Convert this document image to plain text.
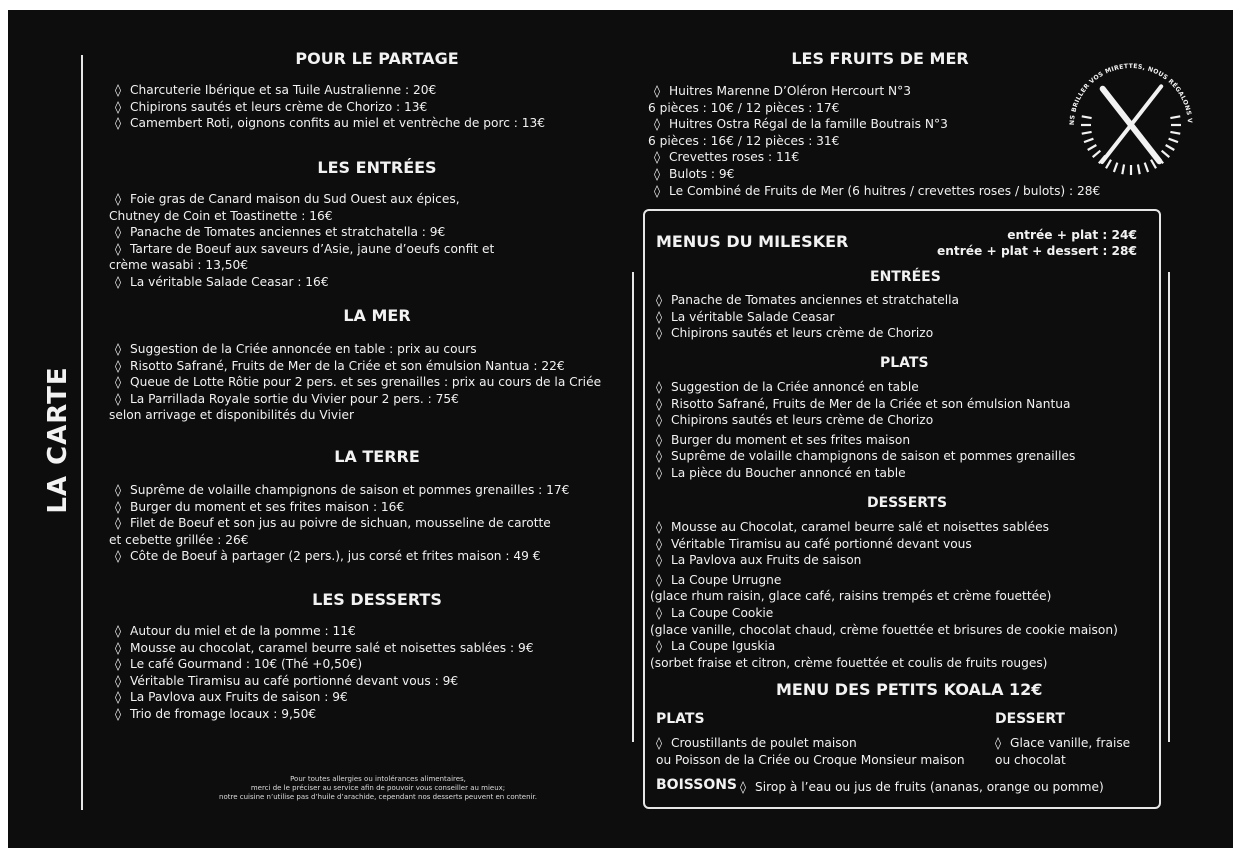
LA CARTE
POUR LE PARTAGE
◊ Charcuterie Ibérique et sa Tuile Australienne : 20€
◊ Chipirons sautés et leurs crème de Chorizo : 13€
◊ Camembert Roti, oignons confits au miel et ventrèche de porc : 13€
LES ENTRÉES
◊ Foie gras de Canard maison du Sud Ouest aux épices,
Chutney de Coin et Toastinette : 16€
◊ Panache de Tomates anciennes et stratchatella : 9€
◊ Tartare de Boeuf aux saveurs d’Asie, jaune d’oeufs confit et
crème wasabi : 13,50€
◊ La véritable Salade Ceasar : 16€
LA MER
◊ Suggestion de la Criée annoncée en table : prix au cours
◊ Risotto Safrané, Fruits de Mer de la Criée et son émulsion Nantua : 22€
◊ Queue de Lotte Rôtie pour 2 pers. et ses grenailles : prix au cours de la Criée
◊ La Parrillada Royale sortie du Vivier pour 2 pers. : 75€
selon arrivage et disponibilités du Vivier
LA TERRE
◊ Suprême de volaille champignons de saison et pommes grenailles : 17€
◊ Burger du moment et ses frites maison : 16€
◊ Filet de Boeuf et son jus au poivre de sichuan, mousseline de carotte
et cebette grillée : 26€
◊ Côte de Boeuf à partager (2 pers.), jus corsé et frites maison : 49 €
LES DESSERTS
◊ Autour du miel et de la pomme : 11€
◊ Mousse au chocolat, caramel beurre salé et noisettes sablées : 9€
◊ Le café Gourmand : 10€ (Thé +0,50€)
◊ Véritable Tiramisu au café portionné devant vous : 9€
◊ La Pavlova aux Fruits de saison : 9€
◊ Trio de fromage locaux : 9,50€
Pour toutes allergies ou intolérances alimentaires,
merci de le préciser au service afin de pouvoir vous conseiller au mieux;
notre cuisine n’utilise pas d’huile d’arachide, cependant nos desserts peuvent en contenir.
LES FRUITS DE MER
◊ Huitres Marenne D’Oléron Hercourt N°3
6 pièces : 10€ / 12 pièces : 17€
◊ Huitres Ostra Régal de la famille Boutrais N°3
6 pièces : 16€ / 12 pièces : 31€
◊ Crevettes roses : 11€
◊ Bulots : 9€
◊ Le Combiné de Fruits de Mer (6 huitres / crevettes roses / bulots) : 28€
NS BRILLER VOS MIRETTES, NOUS RÉGALONS V
MENUS DU MILESKER	entrée + plat : 24€
entrée + plat + dessert : 28€
ENTRÉES
◊ Panache de Tomates anciennes et stratchatella
◊ La véritable Salade Ceasar
◊ Chipirons sautés et leurs crème de Chorizo
PLATS
◊ Suggestion de la Criée annoncé en table
◊ Risotto Safrané, Fruits de Mer de la Criée et son émulsion Nantua
◊ Chipirons sautés et leurs crème de Chorizo
◊ Burger du moment et ses frites maison
◊ Suprême de volaille champignons de saison et pommes grenailles
◊ La pièce du Boucher annoncé en table
DESSERTS
◊ Mousse au Chocolat, caramel beurre salé et noisettes sablées
◊ Véritable Tiramisu au café portionné devant vous
◊ La Pavlova aux Fruits de saison
◊ La Coupe Urrugne
(glace rhum raisin, glace café, raisins trempés et crème fouettée)
◊ La Coupe Cookie
(glace vanille, chocolat chaud, crème fouettée et brisures de cookie maison)
◊ La Coupe Iguskia
(sorbet fraise et citron, crème fouettée et coulis de fruits rouges)
MENU DES PETITS KOALA 12€
PLATS
◊ Croustillants de poulet maison
ou Poisson de la Criée ou Croque Monsieur maison
DESSERT
◊ Glace vanille, fraise
ou chocolat
BOISSONS ◊ Sirop à l’eau ou jus de fruits (ananas, orange ou pomme)
